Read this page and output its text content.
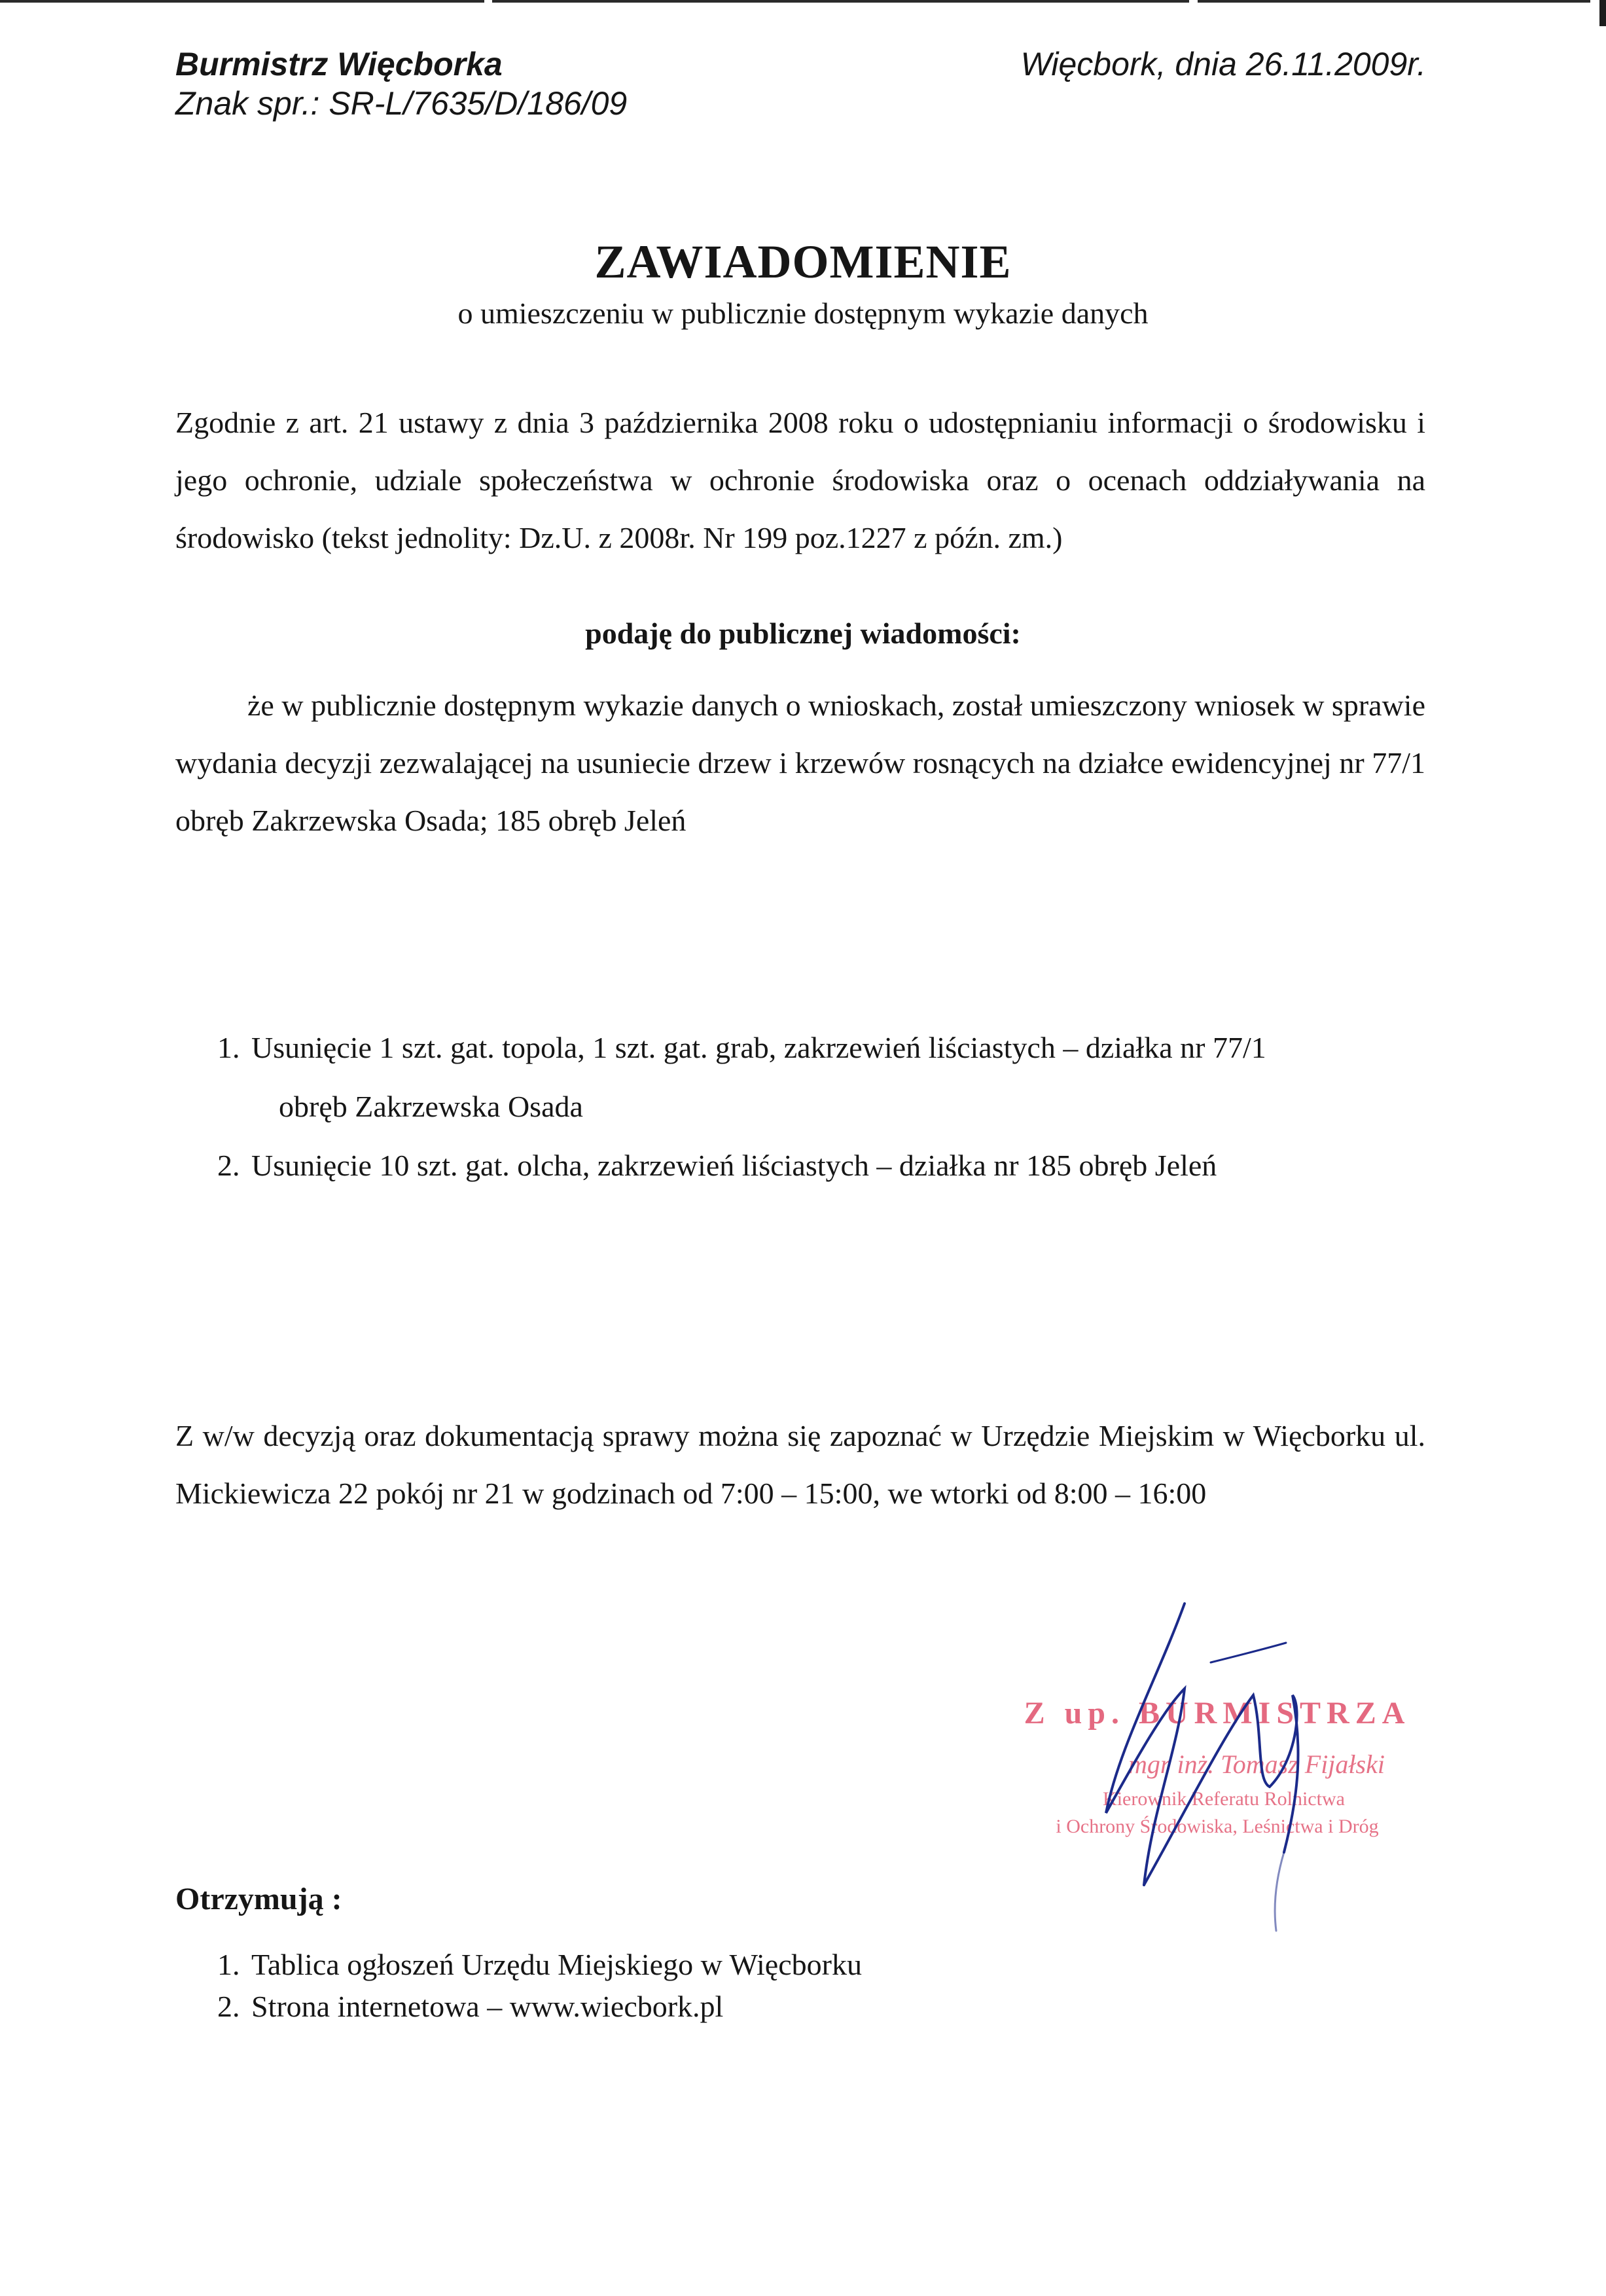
Burmistrz Więcborka
Znak spr.: SR-L/7635/D/186/09
Więcbork, dnia 26.11.2009r.
ZAWIADOMIENIE
o umieszczeniu w publicznie dostępnym wykazie danych
Zgodnie z art. 21 ustawy z dnia 3 października 2008 roku o udostępnianiu informacji o środowisku i jego ochronie, udziale społeczeństwa w ochronie środowiska oraz o ocenach oddziaływania na środowisko (tekst jednolity: Dz.U. z 2008r. Nr 199 poz.1227 z późn. zm.)
podaję do publicznej wiadomości:
że w publicznie dostępnym wykazie danych o wnioskach, został umieszczony wniosek w sprawie wydania decyzji zezwalającej na usuniecie drzew i krzewów rosnących na działce ewidencyjnej nr 77/1 obręb Zakrzewska Osada; 185 obręb Jeleń
1. Usunięcie 1 szt. gat. topola, 1 szt. gat. grab, zakrzewień liściastych – działka nr 77/1
obręb Zakrzewska Osada
2. Usunięcie 10 szt. gat. olcha, zakrzewień liściastych – działka nr 185 obręb Jeleń
Z w/w decyzją oraz dokumentacją sprawy można się zapoznać w Urzędzie Miejskim w Więcborku ul. Mickiewicza 22 pokój nr 21 w godzinach od 7:00 – 15:00, we wtorki od 8:00 – 16:00
Z up. BURMISTRZA
mgr inż. Tomasz Fijałski
Kierownik Referatu Rolnictwa
i Ochrony Środowiska, Leśnictwa i Dróg
Otrzymują :
1. Tablica ogłoszeń Urzędu Miejskiego w Więcborku
2. Strona internetowa – www.wiecbork.pl
